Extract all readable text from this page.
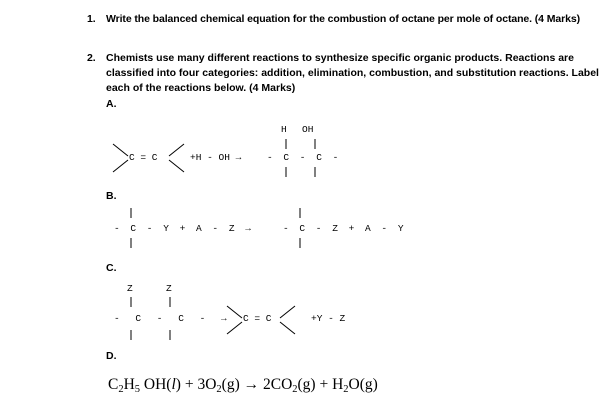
1. Write the balanced chemical equation for the combustion of octane per mole of octane. (4 Marks)
2. Chemists use many different reactions to synthesize specific organic products. Reactions are classified into four categories: addition, elimination, combustion, and substitution reactions. Label each of the reactions below. (4 Marks)
A.
H OH
C = C	+H - OH →	- C - C -
B.
- C - Y + A - Z →	- C - Z + A - Y
C.
Z	Z
- C - C - → C = C	+Y - Z
D.
$C_2H_5$ $OH(l) + 3O_2(g) \to 2CO_2(g) + H_2O(g)$
